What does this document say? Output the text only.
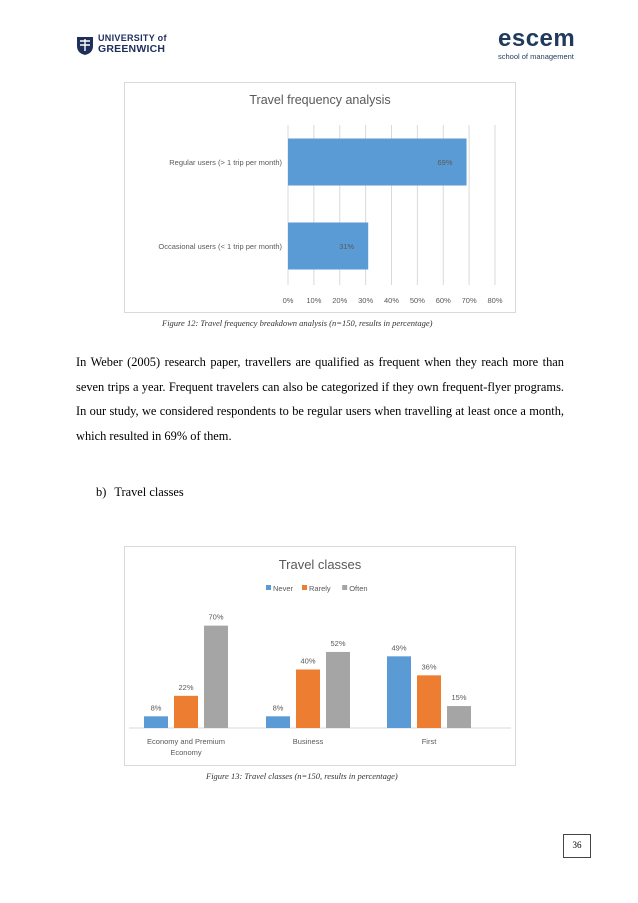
UNIVERSITY of
GREENWICH	escem
school of management
Travel frequency analysis
0% 10% 20% 30% 40% 50% 60% 70% 80%
Regular users (> 1 trip per month)	69%
Occasional users (< 1 trip per month)	31%
Figure 12: Travel frequency breakdown analysis (n=150, results in percentage)
In Weber (2005) research paper, travellers are qualified as frequent when they reach more than seven trips a year. Frequent travelers can also be categorized if they own frequent-flyer programs. In our study, we considered respondents to be regular users when travelling at least once a month, which resulted in 69% of them.
b) Travel classes
Travel classes
Never Rarely Often
8%
22%
70%
Economy and Premium
Economy
8%
40%
52%
Business
49%
36%
15%
First
Figure 13: Travel classes (n=150, results in percentage)
36
